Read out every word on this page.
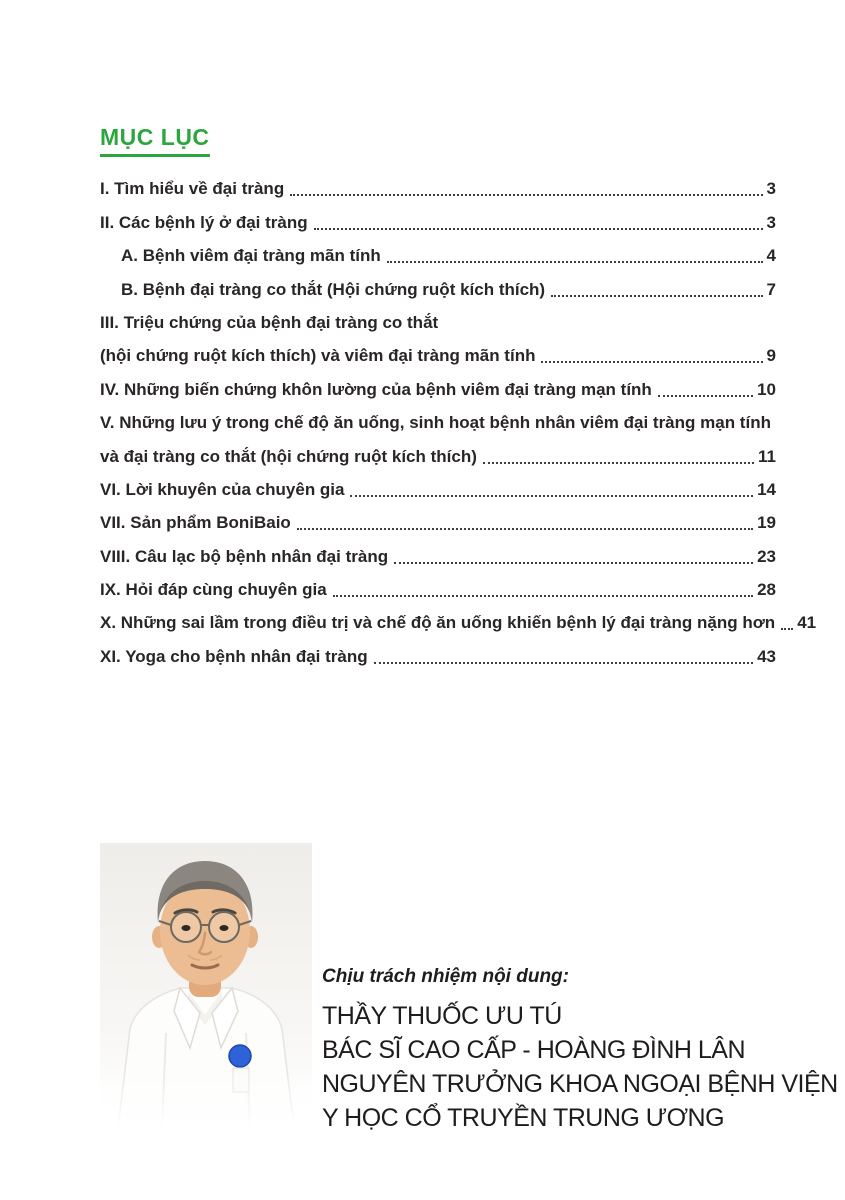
MỤC LỤC
I. Tìm hiểu về đại tràng	3
II. Các bệnh lý ở đại tràng	3
A. Bệnh viêm đại tràng mãn tính	4
B. Bệnh đại tràng co thắt (Hội chứng ruột kích thích)	7
III. Triệu chứng của bệnh đại tràng co thắt
(hội chứng ruột kích thích) và viêm đại tràng mãn tính	9
IV. Những biến chứng khôn lường của bệnh viêm đại tràng mạn tính	10
V. Những lưu ý trong chế độ ăn uống, sinh hoạt bệnh nhân viêm đại tràng mạn tính
và đại tràng co thắt (hội chứng ruột kích thích)	11
VI. Lời khuyên của chuyên gia	14
VII. Sản phẩm BoniBaio	19
VIII. Câu lạc bộ bệnh nhân đại tràng	23
IX. Hỏi đáp cùng chuyên gia	28
X. Những sai lầm trong điều trị và chế độ ăn uống khiến bệnh lý đại tràng nặng hơn 41
XI. Yoga cho bệnh nhân đại tràng	43
Chịu trách nhiệm nội dung:
THẦY THUỐC ƯU TÚ
BÁC SĨ CAO CẤP - HOÀNG ĐÌNH LÂN
NGUYÊN TRƯỞNG KHOA NGOẠI BỆNH VIỆN
Y HỌC CỔ TRUYỀN TRUNG ƯƠNG
